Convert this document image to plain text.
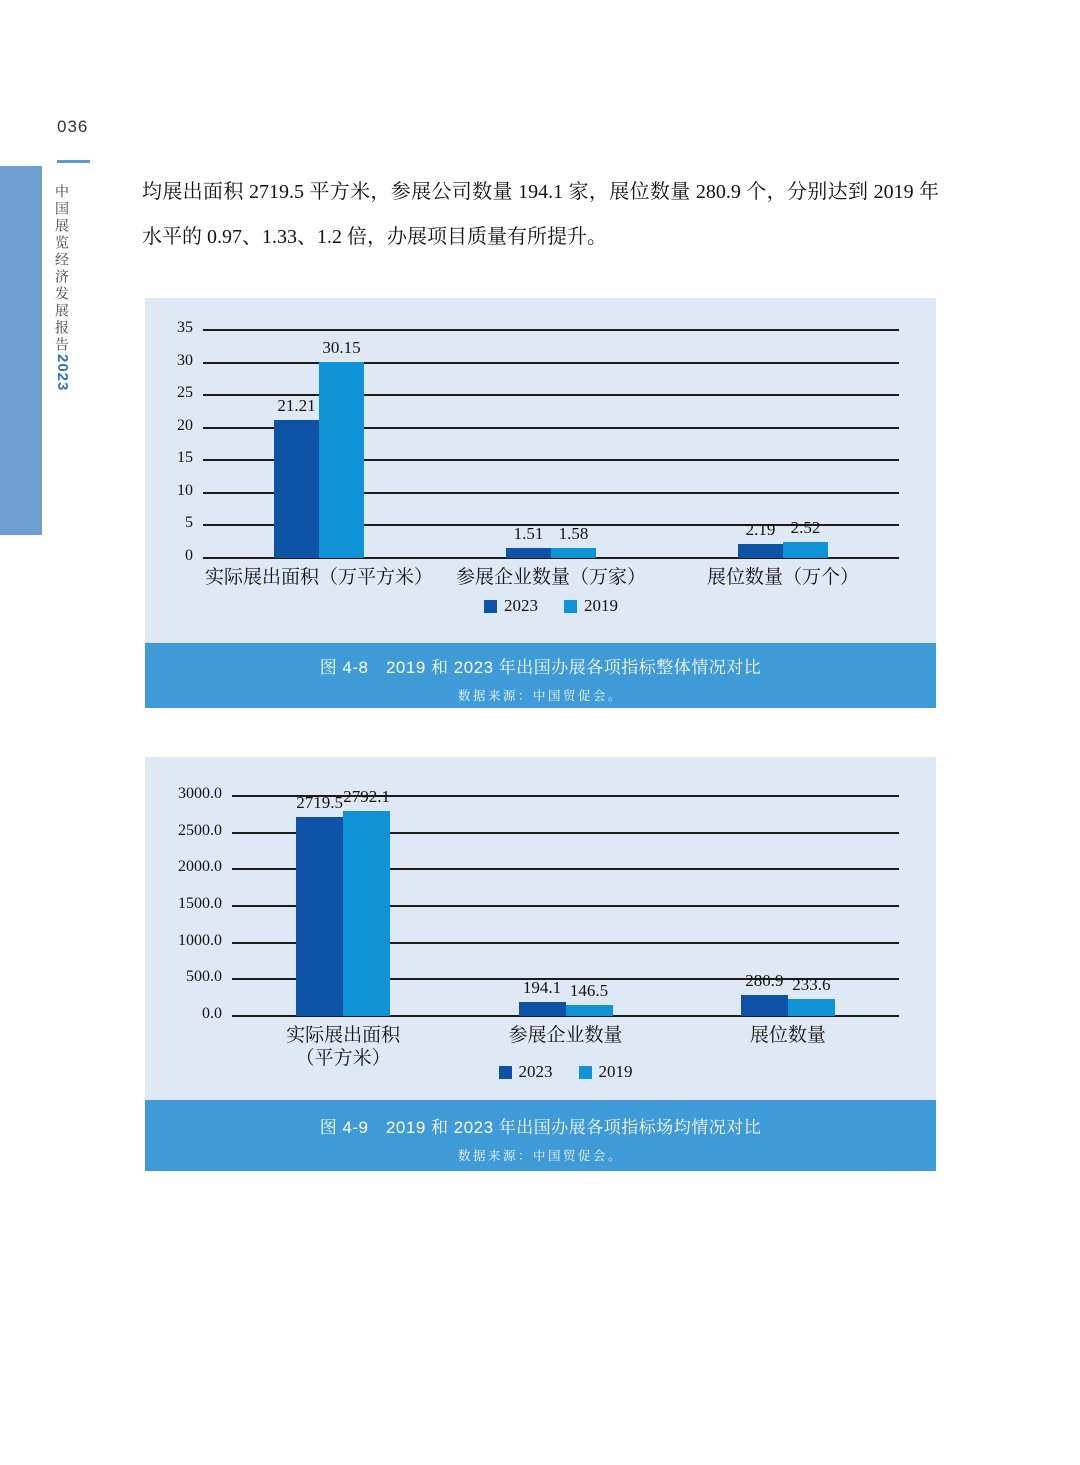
036
中国展览经济发展报告2023

均展出面积 2719.5 平方米，参展公司数量 194.1 家，展位数量 280.9 个，分别达到 2019 年水平的 0.97、1.33、1.2 倍，办展项目质量有所提升。

0
5
10
15
20
25
30
35
21.21
30.15
实际展出面积（万平方米）
1.51 1.58
参展企业数量（万家）
2.19 2.52
展位数量（万个）
2023	2019
图 4-8　2019 和 2023 年出国办展各项指标整体情况对比
数据来源：中国贸促会。
0.0
500.0
1000.0
1500.0
2000.0
2500.0
3000.0	2719.5 2792.1
实际展出面积
（平方米）
194.1 146.5
参展企业数量
280.9 233.6
展位数量
2023	2019
图 4-9　2019 和 2023 年出国办展各项指标场均情况对比
数据来源：中国贸促会。
